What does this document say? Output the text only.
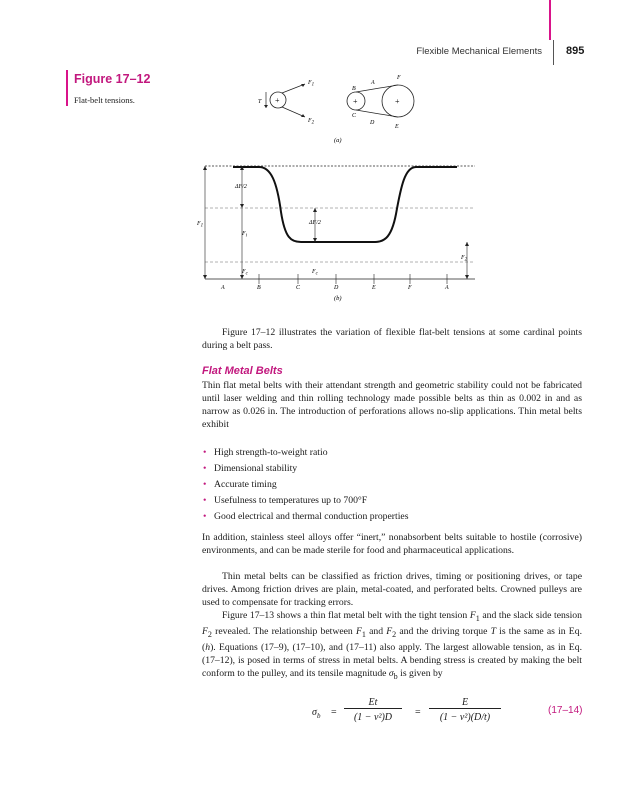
Flexible Mechanical Elements 895
Figure 17–12
Flat-belt tensions.	+
T
$F_1$
$F_2$
+	+
B
A
F
C
D
E
(a)
$F_1$
ΔF/2
ΔF/2
$F_i$
$F_c$	$F_c$
$F_2$
A	B	C	D	E	F	A
(b)
Figure 17–12 illustrates the variation of flexible flat-belt tensions at some cardinal points during a belt pass.
Flat Metal Belts
Thin flat metal belts with their attendant strength and geometric stability could not be fabricated until laser welding and thin rolling technology made possible belts as thin as 0.002 in and as narrow as 0.026 in. The introduction of perforations allows no-slip applications. Thin metal belts exhibit
• High strength-to-weight ratio
• Dimensional stability
• Accurate timing
• Usefulness to temperatures up to 700°F
• Good electrical and thermal conduction properties
In addition, stainless steel alloys offer “inert,” nonabsorbent belts suitable to hostile (corrosive) environments, and can be made sterile for food and pharmaceutical applications.
Thin metal belts can be classified as friction drives, timing or positioning drives, or tape drives. Among friction drives are plain, metal-coated, and perforated belts. Crowned pulleys are used to compensate for tracking errors.
Figure 17–13 shows a thin flat metal belt with the tight tension $F_1$ and the slack side tension $F_2$ revealed. The relationship between $F_1$ and $F_2$ and the driving torque T is the same as in Eq. (h). Equations (17–9), (17–10), and (17–11) also apply. The largest allowable tension, as in Eq. (17–12), is posed in terms of stress in metal belts. A bending stress is created by making the belt conform to the pulley, and its tensile magnitude $\sigma_b$ is given by
$\sigma_b$ =
Et
(1 − ν²)D	=
E
(1 − ν²)(D/t)
(17–14)
